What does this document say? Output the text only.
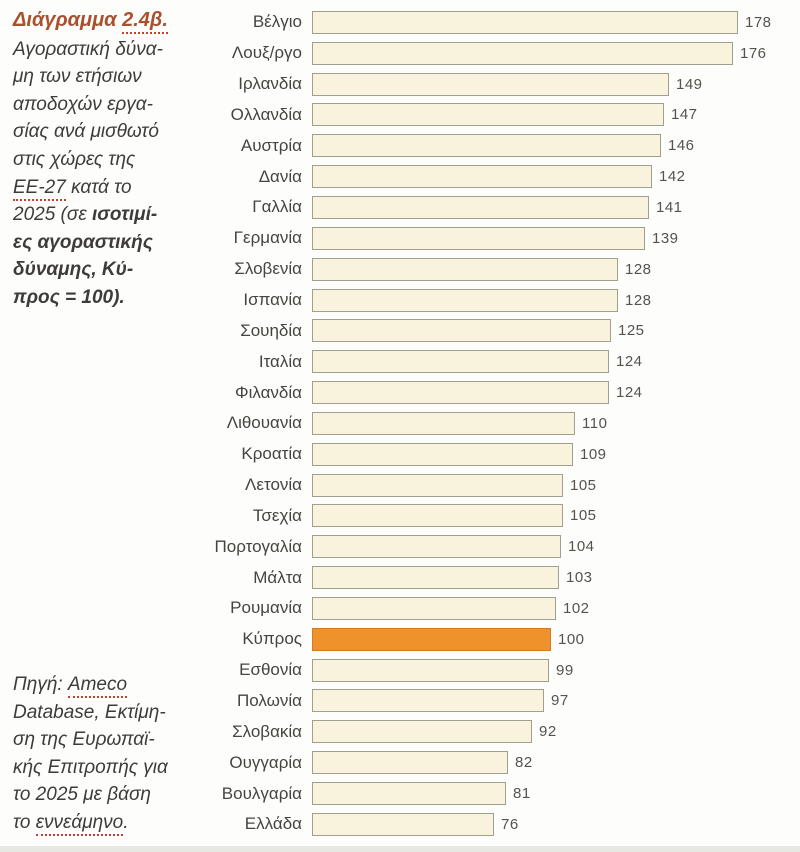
Διάγραμμα 2.4β.
Αγοραστική δύνα-
μη των ετήσιων
αποδοχών εργα-
σίας ανά μισθωτό
στις χώρες της
ΕΕ-27 κατά το
2025 (σε ισοτιμί-
ες αγοραστικής
δύναμης, Κύ-
προς = 100).
Πηγή: Ameco
Database, Εκτίμη-
ση της Ευρωπαϊ-
κής Επιτροπής για
το 2025 με βάση
το εννεάμηνο.
Βέλγιο	178
Λουξ/ργο	176
Ιρλανδία	149
Ολλανδία	147
Αυστρία	146
Δανία	142
Γαλλία	141
Γερμανία	139
Σλοβενία	128
Ισπανία	128
Σουηδία	125
Ιταλία	124
Φιλανδία	124
Λιθουανία	110
Κροατία	109
Λετονία	105
Τσεχία	105
Πορτογαλία	104
Μάλτα	103
Ρουμανία	102
Κύπρος	100
Εσθονία	99
Πολωνία	97
Σλοβακία	92
Ουγγαρία	82
Βουλγαρία	81
Ελλάδα	76
